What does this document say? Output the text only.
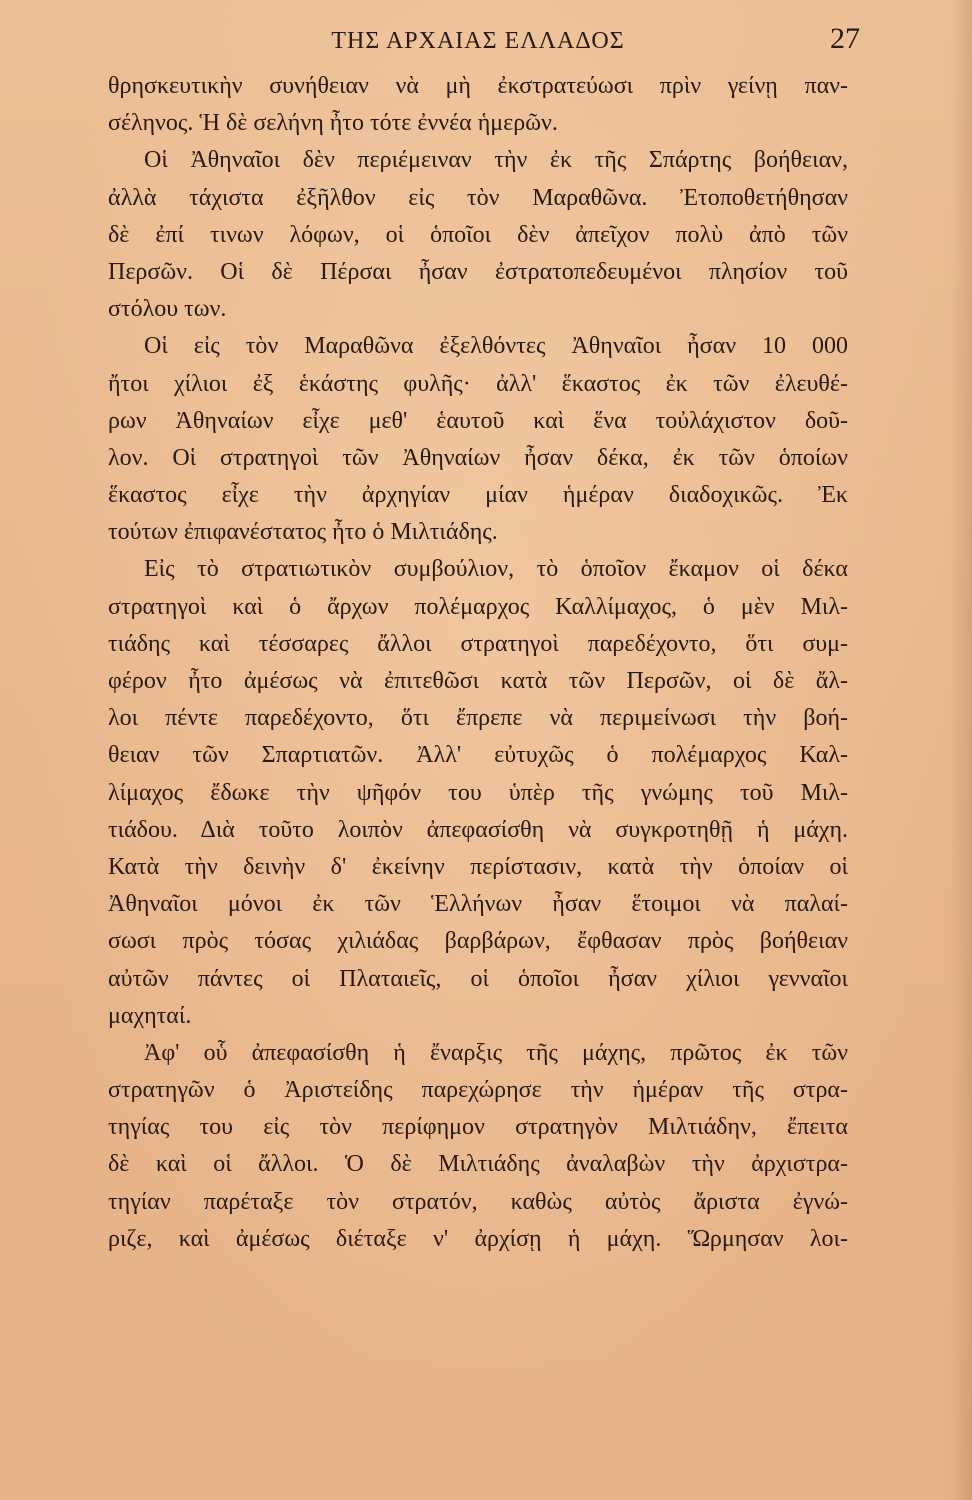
ΤΗΣ ΑΡΧΑΙΑΣ ΕΛΛΑΔΟΣ	27
θρησκευτικὴν συνήθειαν νὰ μὴ ἐκστρατεύωσι πρὶν γείνῃ παν-
σέληνος. Ἡ δὲ σελήνη ἦτο τότε ἐννέα ἡμερῶν.
Οἱ Ἀθηναῖοι δὲν περιέμειναν τὴν ἐκ τῆς Σπάρτης βοήθειαν,
ἀλλὰ τάχιστα ἐξῆλθον εἰς τὸν Μαραθῶνα. Ἐτοποθετήθησαν
δὲ ἐπί τινων λόφων, οἱ ὁποῖοι δὲν ἀπεῖχον πολὺ ἀπὸ τῶν
Περσῶν. Οἱ δὲ Πέρσαι ἦσαν ἐστρατοπεδευμένοι πλησίον τοῦ
στόλου των.
Οἱ εἰς τὸν Μαραθῶνα ἐξελθόντες Ἀθηναῖοι ἦσαν 10 000
ἤτοι χίλιοι ἐξ ἑκάστης φυλῆς· ἀλλ' ἕκαστος ἐκ τῶν ἐλευθέ-
ρων Ἀθηναίων εἶχε μεθ' ἑαυτοῦ καὶ ἕνα τοὐλάχιστον δοῦ-
λον. Οἱ στρατηγοὶ τῶν Ἀθηναίων ἦσαν δέκα, ἐκ τῶν ὁποίων
ἕκαστος εἶχε τὴν ἀρχηγίαν μίαν ἡμέραν διαδοχικῶς. Ἐκ
τούτων ἐπιφανέστατος ἦτο ὁ Μιλτιάδης.
Εἰς τὸ στρατιωτικὸν συμβούλιον, τὸ ὁποῖον ἔκαμον οἱ δέκα
στρατηγοὶ καὶ ὁ ἄρχων πολέμαρχος Καλλίμαχος, ὁ μὲν Μιλ-
τιάδης καὶ τέσσαρες ἄλλοι στρατηγοὶ παρεδέχοντο, ὅτι συμ-
φέρον ἦτο ἀμέσως νὰ ἐπιτεθῶσι κατὰ τῶν Περσῶν, οἱ δὲ ἄλ-
λοι πέντε παρεδέχοντο, ὅτι ἔπρεπε νὰ περιμείνωσι τὴν βοή-
θειαν τῶν Σπαρτιατῶν. Ἀλλ' εὐτυχῶς ὁ πολέμαρχος Καλ-
λίμαχος ἔδωκε τὴν ψῆφόν του ὑπὲρ τῆς γνώμης τοῦ Μιλ-
τιάδου. Διὰ τοῦτο λοιπὸν ἀπεφασίσθη νὰ συγκροτηθῇ ἡ μάχη.
Κατὰ τὴν δεινὴν δ' ἐκείνην περίστασιν, κατὰ τὴν ὁποίαν οἱ
Ἀθηναῖοι μόνοι ἐκ τῶν Ἑλλήνων ἦσαν ἕτοιμοι νὰ παλαί-
σωσι πρὸς τόσας χιλιάδας βαρβάρων, ἔφθασαν πρὸς βοήθειαν
αὐτῶν πάντες οἱ Πλαταιεῖς, οἱ ὁποῖοι ἦσαν χίλιοι γενναῖοι
μαχηταί.
Ἀφ' οὗ ἀπεφασίσθη ἡ ἔναρξις τῆς μάχης, πρῶτος ἐκ τῶν
στρατηγῶν ὁ Ἀριστείδης παρεχώρησε τὴν ἡμέραν τῆς στρα-
τηγίας του εἰς τὸν περίφημον στρατηγὸν Μιλτιάδην, ἔπειτα
δὲ καὶ οἱ ἄλλοι. Ὁ δὲ Μιλτιάδης ἀναλαβὼν τὴν ἀρχιστρα-
τηγίαν παρέταξε τὸν στρατόν, καθὼς αὐτὸς ἄριστα ἐγνώ-
ριζε, καὶ ἀμέσως διέταξε ν' ἀρχίσῃ ἡ μάχη. Ὥρμησαν λοι-
